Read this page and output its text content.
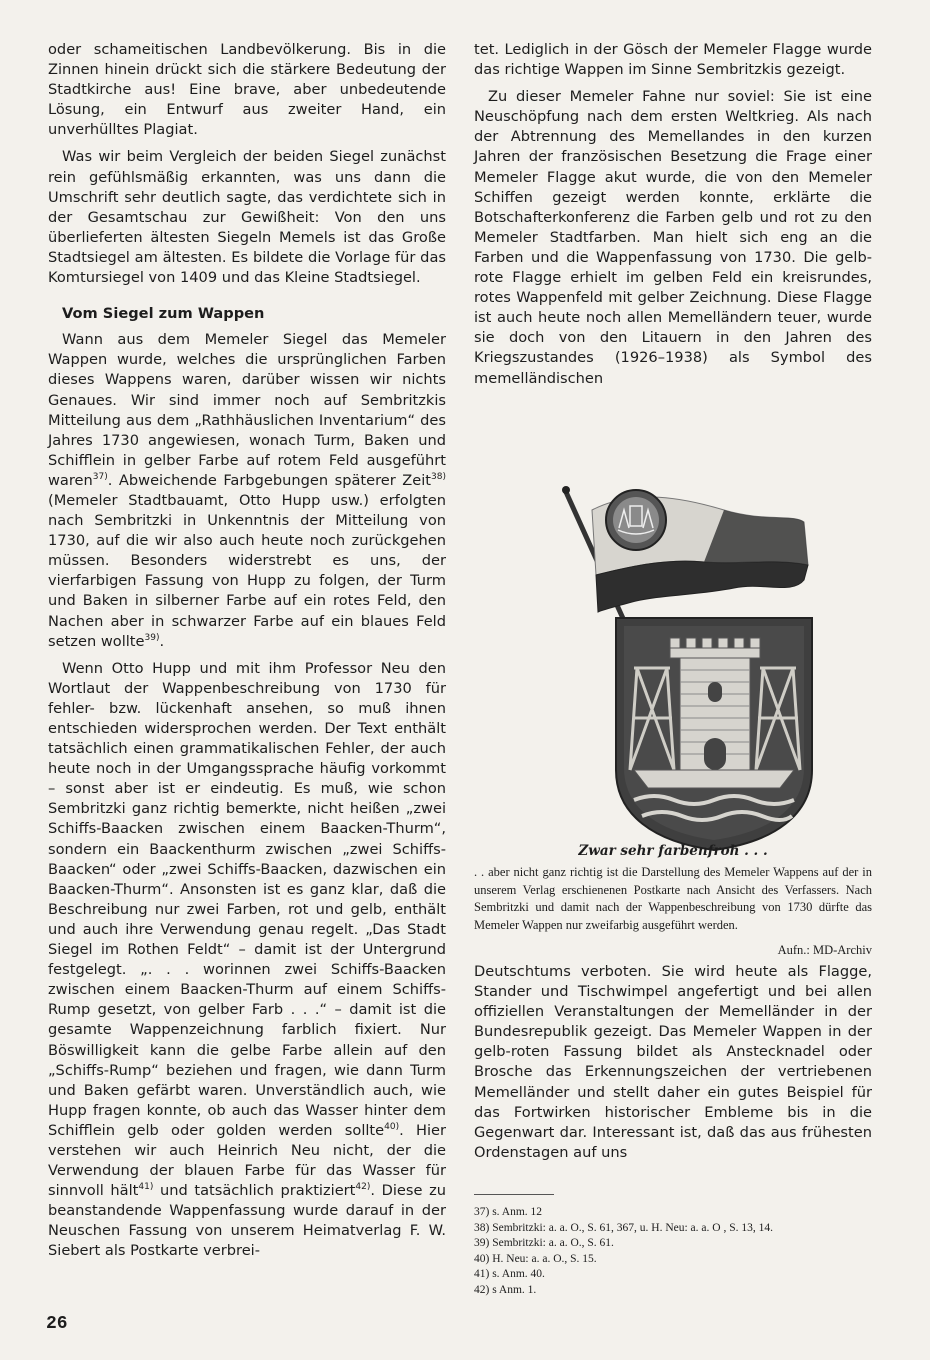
oder schameitischen Landbevölkerung. Bis in die Zinnen hinein drückt sich die stärkere Bedeutung der Stadtkirche aus! Eine brave, aber unbedeutende Lösung, ein Entwurf aus zweiter Hand, ein unverhülltes Plagiat.

Was wir beim Vergleich der beiden Siegel zunächst rein gefühlsmäßig erkannten, was uns dann die Umschrift sehr deutlich sagte, das verdichtete sich in der Gesamtschau zur Gewißheit: Von den uns überlieferten ältesten Siegeln Memels ist das Große Stadtsiegel am ältesten. Es bildete die Vorlage für das Komtursiegel von 1409 und das Kleine Stadtsiegel.

Vom Siegel zum Wappen

Wann aus dem Memeler Siegel das Memeler Wappen wurde, welches die ursprünglichen Farben dieses Wappens waren, darüber wissen wir nichts Genaues. Wir sind immer noch auf Sembritzkis Mitteilung aus dem „Rathhäuslichen Inventarium“ des Jahres 1730 angewiesen, wonach Turm, Baken und Schifflein in gelber Farbe auf rotem Feld ausgeführt waren$^{37)}$. Abweichende Farbgebungen späterer Zeit$^{38)}$ (Memeler Stadtbauamt, Otto Hupp usw.) erfolgten nach Sembritzki in Unkenntnis der Mitteilung von 1730, auf die wir also auch heute noch zurückgehen müssen. Besonders widerstrebt es uns, der vierfarbigen Fassung von Hupp zu folgen, der Turm und Baken in silberner Farbe auf ein rotes Feld, den Nachen aber in schwarzer Farbe auf ein blaues Feld setzen wollte$^{39)}$.

Wenn Otto Hupp und mit ihm Professor Neu den Wortlaut der Wappenbeschreibung von 1730 für fehler- bzw. lückenhaft ansehen, so muß ihnen entschieden widersprochen werden. Der Text enthält tatsächlich einen grammatikalischen Fehler, der auch heute noch in der Umgangssprache häufig vorkommt – sonst aber ist er eindeutig. Es muß, wie schon Sembritzki ganz richtig bemerkte, nicht heißen „zwei Schiffs-Baacken zwischen einem Baacken-Thurm“, sondern ein Baackenthurm zwischen „zwei Schiffs-Baacken“ oder „zwei Schiffs-Baacken, dazwischen ein Baacken-Thurm“. Ansonsten ist es ganz klar, daß die Beschreibung nur zwei Farben, rot und gelb, enthält und auch ihre Verwendung genau regelt. „Das Stadt Siegel im Rothen Feldt“ – damit ist der Untergrund festgelegt. „. . . worinnen zwei Schiffs-Baacken zwischen einem Baacken-Thurm auf einem Schiffs-Rump gesetzt, von gelber Farb . . .“ – damit ist die gesamte Wappenzeichnung farblich fixiert. Nur Böswilligkeit kann die gelbe Farbe allein auf den „Schiffs-Rump“ beziehen und fragen, wie dann Turm und Baken gefärbt waren. Unverständlich auch, wie Hupp fragen konnte, ob auch das Wasser hinter dem Schifflein gelb oder golden werden sollte$^{40)}$. Hier verstehen wir auch Heinrich Neu nicht, der die Verwendung der blauen Farbe für das Wasser für sinnvoll hält$^{41)}$ und tatsächlich praktiziert$^{42)}$. Diese zu beanstandende Wappenfassung wurde darauf in der Neuschen Fassung von unserem Heimatverlag F. W. Siebert als Postkarte verbrei-

tet. Lediglich in der Gösch der Memeler Flagge wurde das richtige Wappen im Sinne Sembritzkis gezeigt.

Zu dieser Memeler Fahne nur soviel: Sie ist eine Neuschöpfung nach dem ersten Weltkrieg. Als nach der Abtrennung des Memellandes in den kurzen Jahren der französischen Besetzung die Frage einer Memeler Flagge akut wurde, die von den Memeler Schiffen gezeigt werden konnte, erklärte die Botschafterkonferenz die Farben gelb und rot zu den Memeler Stadtfarben. Man hielt sich eng an die Farben und die Wappenfassung von 1730. Die gelb-rote Flagge erhielt im gelben Feld ein kreisrundes, rotes Wappenfeld mit gelber Zeichnung. Diese Flagge ist auch heute noch allen Memelländern teuer, wurde sie doch von den Litauern in den Jahren des Kriegszustandes (1926–1938) als Symbol des memelländischen

Zwar sehr farbenfroh . . .
. . aber nicht ganz richtig ist die Darstellung des Memeler Wappens auf der in unserem Verlag erschienenen Postkarte nach Ansicht des Verfassers. Nach Sembritzki und damit nach der Wappenbeschreibung von 1730 dürfte das Memeler Wappen nur zweifarbig ausgeführt werden.
Aufn.: MD-Archiv

Deutschtums verboten. Sie wird heute als Flagge, Stander und Tischwimpel angefertigt und bei allen offiziellen Veranstaltungen der Memelländer in der Bundesrepublik gezeigt. Das Memeler Wappen in der gelb-roten Fassung bildet als Anstecknadel oder Brosche das Erkennungszeichen der vertriebenen Memelländer und stellt daher ein gutes Beispiel für das Fortwirken historischer Embleme bis in die Gegenwart dar. Interessant ist, daß das aus frühesten Ordenstagen auf uns

37) s. Anm. 12
38) Sembritzki: a. a. O., S. 61, 367, u. H. Neu: a. a. O , S. 13, 14.
39) Sembritzki: a. a. O., S. 61.
40) H. Neu: a. a. O., S. 15.
41) s. Anm. 40.
42) s Anm. 1.
26
